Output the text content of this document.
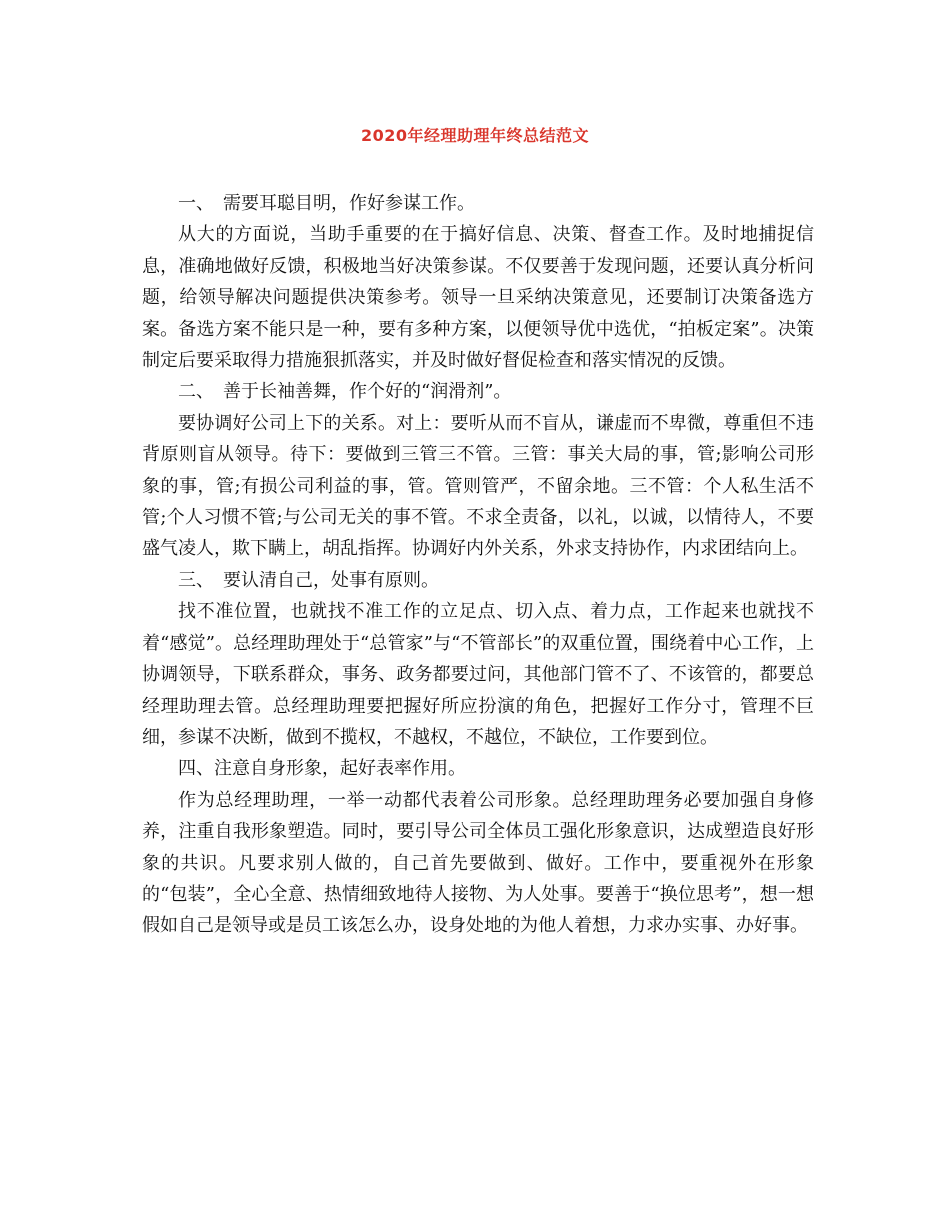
2020年经理助理年终总结范文

一、　需要耳聪目明，作好参谋工作。

从大的方面说，当助手重要的在于搞好信息、决策、督查工作。及时地捕捉信息，准确地做好反馈，积极地当好决策参谋。不仅要善于发现问题，还要认真分析问题，给领导解决问题提供决策参考。领导一旦采纳决策意见，还要制订决策备选方案。备选方案不能只是一种，要有多种方案，以便领导优中选优，“拍板定案”。决策制定后要采取得力措施狠抓落实，并及时做好督促检查和落实情况的反馈。

二、　善于长袖善舞，作个好的“润滑剂”。

要协调好公司上下的关系。对上：要听从而不盲从，谦虚而不卑微，尊重但不违背原则盲从领导。待下：要做到三管三不管。三管：事关大局的事，管;影响公司形象的事，管;有损公司利益的事，管。管则管严，不留余地。三不管：个人私生活不管;个人习惯不管;与公司无关的事不管。不求全责备，以礼，以诚，以情待人，不要盛气凌人，欺下瞒上，胡乱指挥。协调好内外关系，外求支持协作，内求团结向上。

三、　要认清自己，处事有原则。

找不准位置，也就找不准工作的立足点、切入点、着力点，工作起来也就找不着“感觉”。总经理助理处于“总管家”与“不管部长”的双重位置，围绕着中心工作，上协调领导，下联系群众，事务、政务都要过问，其他部门管不了、不该管的，都要总经理助理去管。总经理助理要把握好所应扮演的角色，把握好工作分寸，管理不巨细，参谋不决断，做到不揽权，不越权，不越位，不缺位，工作要到位。

四、注意自身形象，起好表率作用。

作为总经理助理，一举一动都代表着公司形象。总经理助理务必要加强自身修养，注重自我形象塑造。同时，要引导公司全体员工强化形象意识，达成塑造良好形象的共识。凡要求别人做的，自己首先要做到、做好。工作中，要重视外在形象的“包装”，全心全意、热情细致地待人接物、为人处事。要善于“换位思考”，想一想假如自己是领导或是员工该怎么办，设身处地的为他人着想，力求办实事、办好事。
